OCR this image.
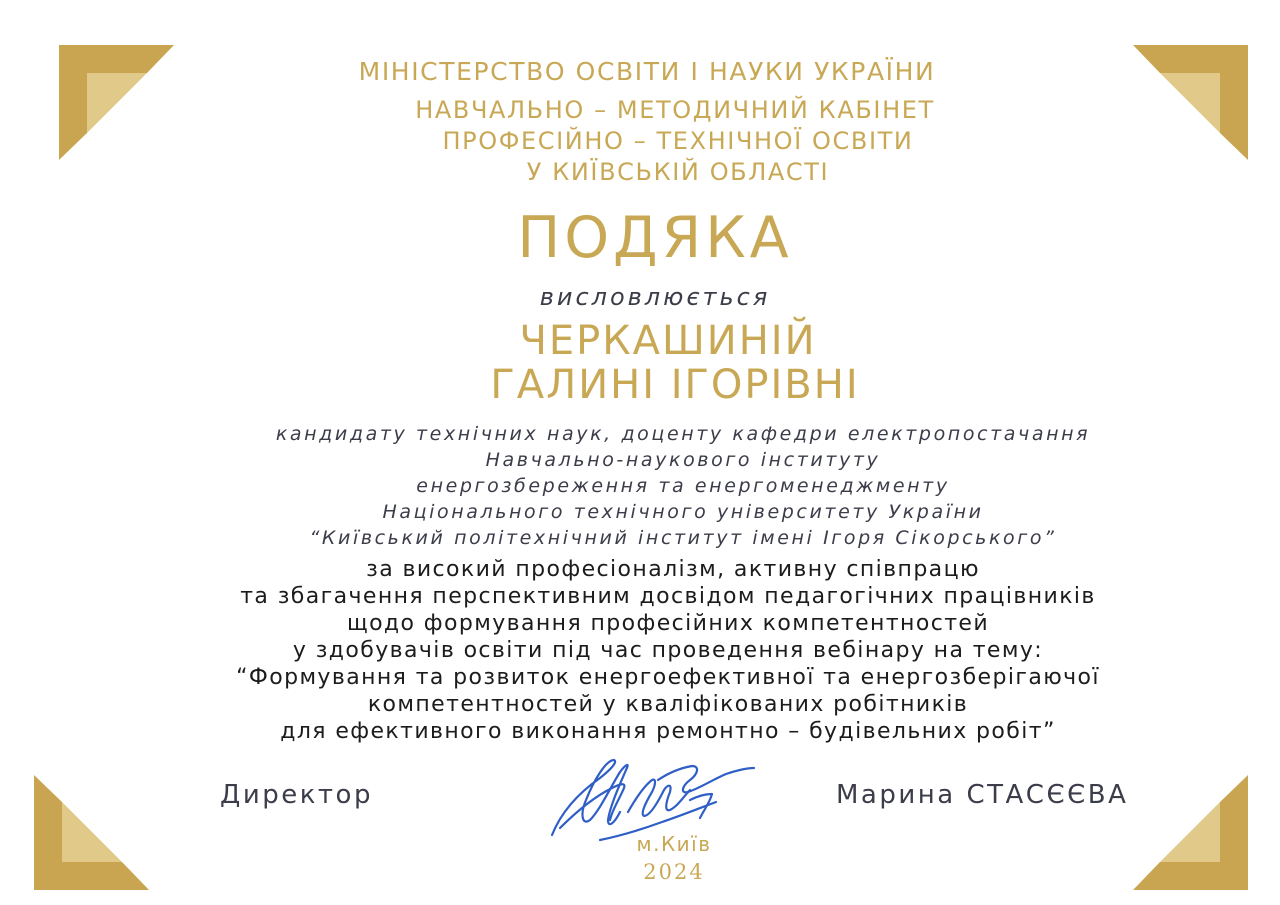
МІНІСТЕРСТВО ОСВІТИ І НАУКИ УКРАЇНИ
НАВЧАЛЬНО – МЕТОДИЧНИЙ КАБІНЕТ
ПРОФЕСІЙНО – ТЕХНІЧНОЇ ОСВІТИ
У КИЇВСЬКІЙ ОБЛАСТІ
ПОДЯКА
висловлюється
ЧЕРКАШИНІЙ
ГАЛИНІ ІГОРІВНІ
кандидату технічних наук, доценту кафедри електропостачання
Навчально-наукового інституту
енергозбереження та енергоменеджменту
Національного технічного університету України
“Київський політехнічний інститут імені Ігоря Сікорського”
за високий професіоналізм, активну співпрацю
та збагачення перспективним досвідом педагогічних працівників
щодо формування професійних компетентностей
у здобувачів освіти під час проведення вебінару на тему:
“Формування та розвиток енергоефективної та енергозберігаючої
компетентностей у кваліфікованих робітників
для ефективного виконання ремонтно – будівельних робіт”
Директор	Марина СТАСЄЄВА
м.Київ
2024
